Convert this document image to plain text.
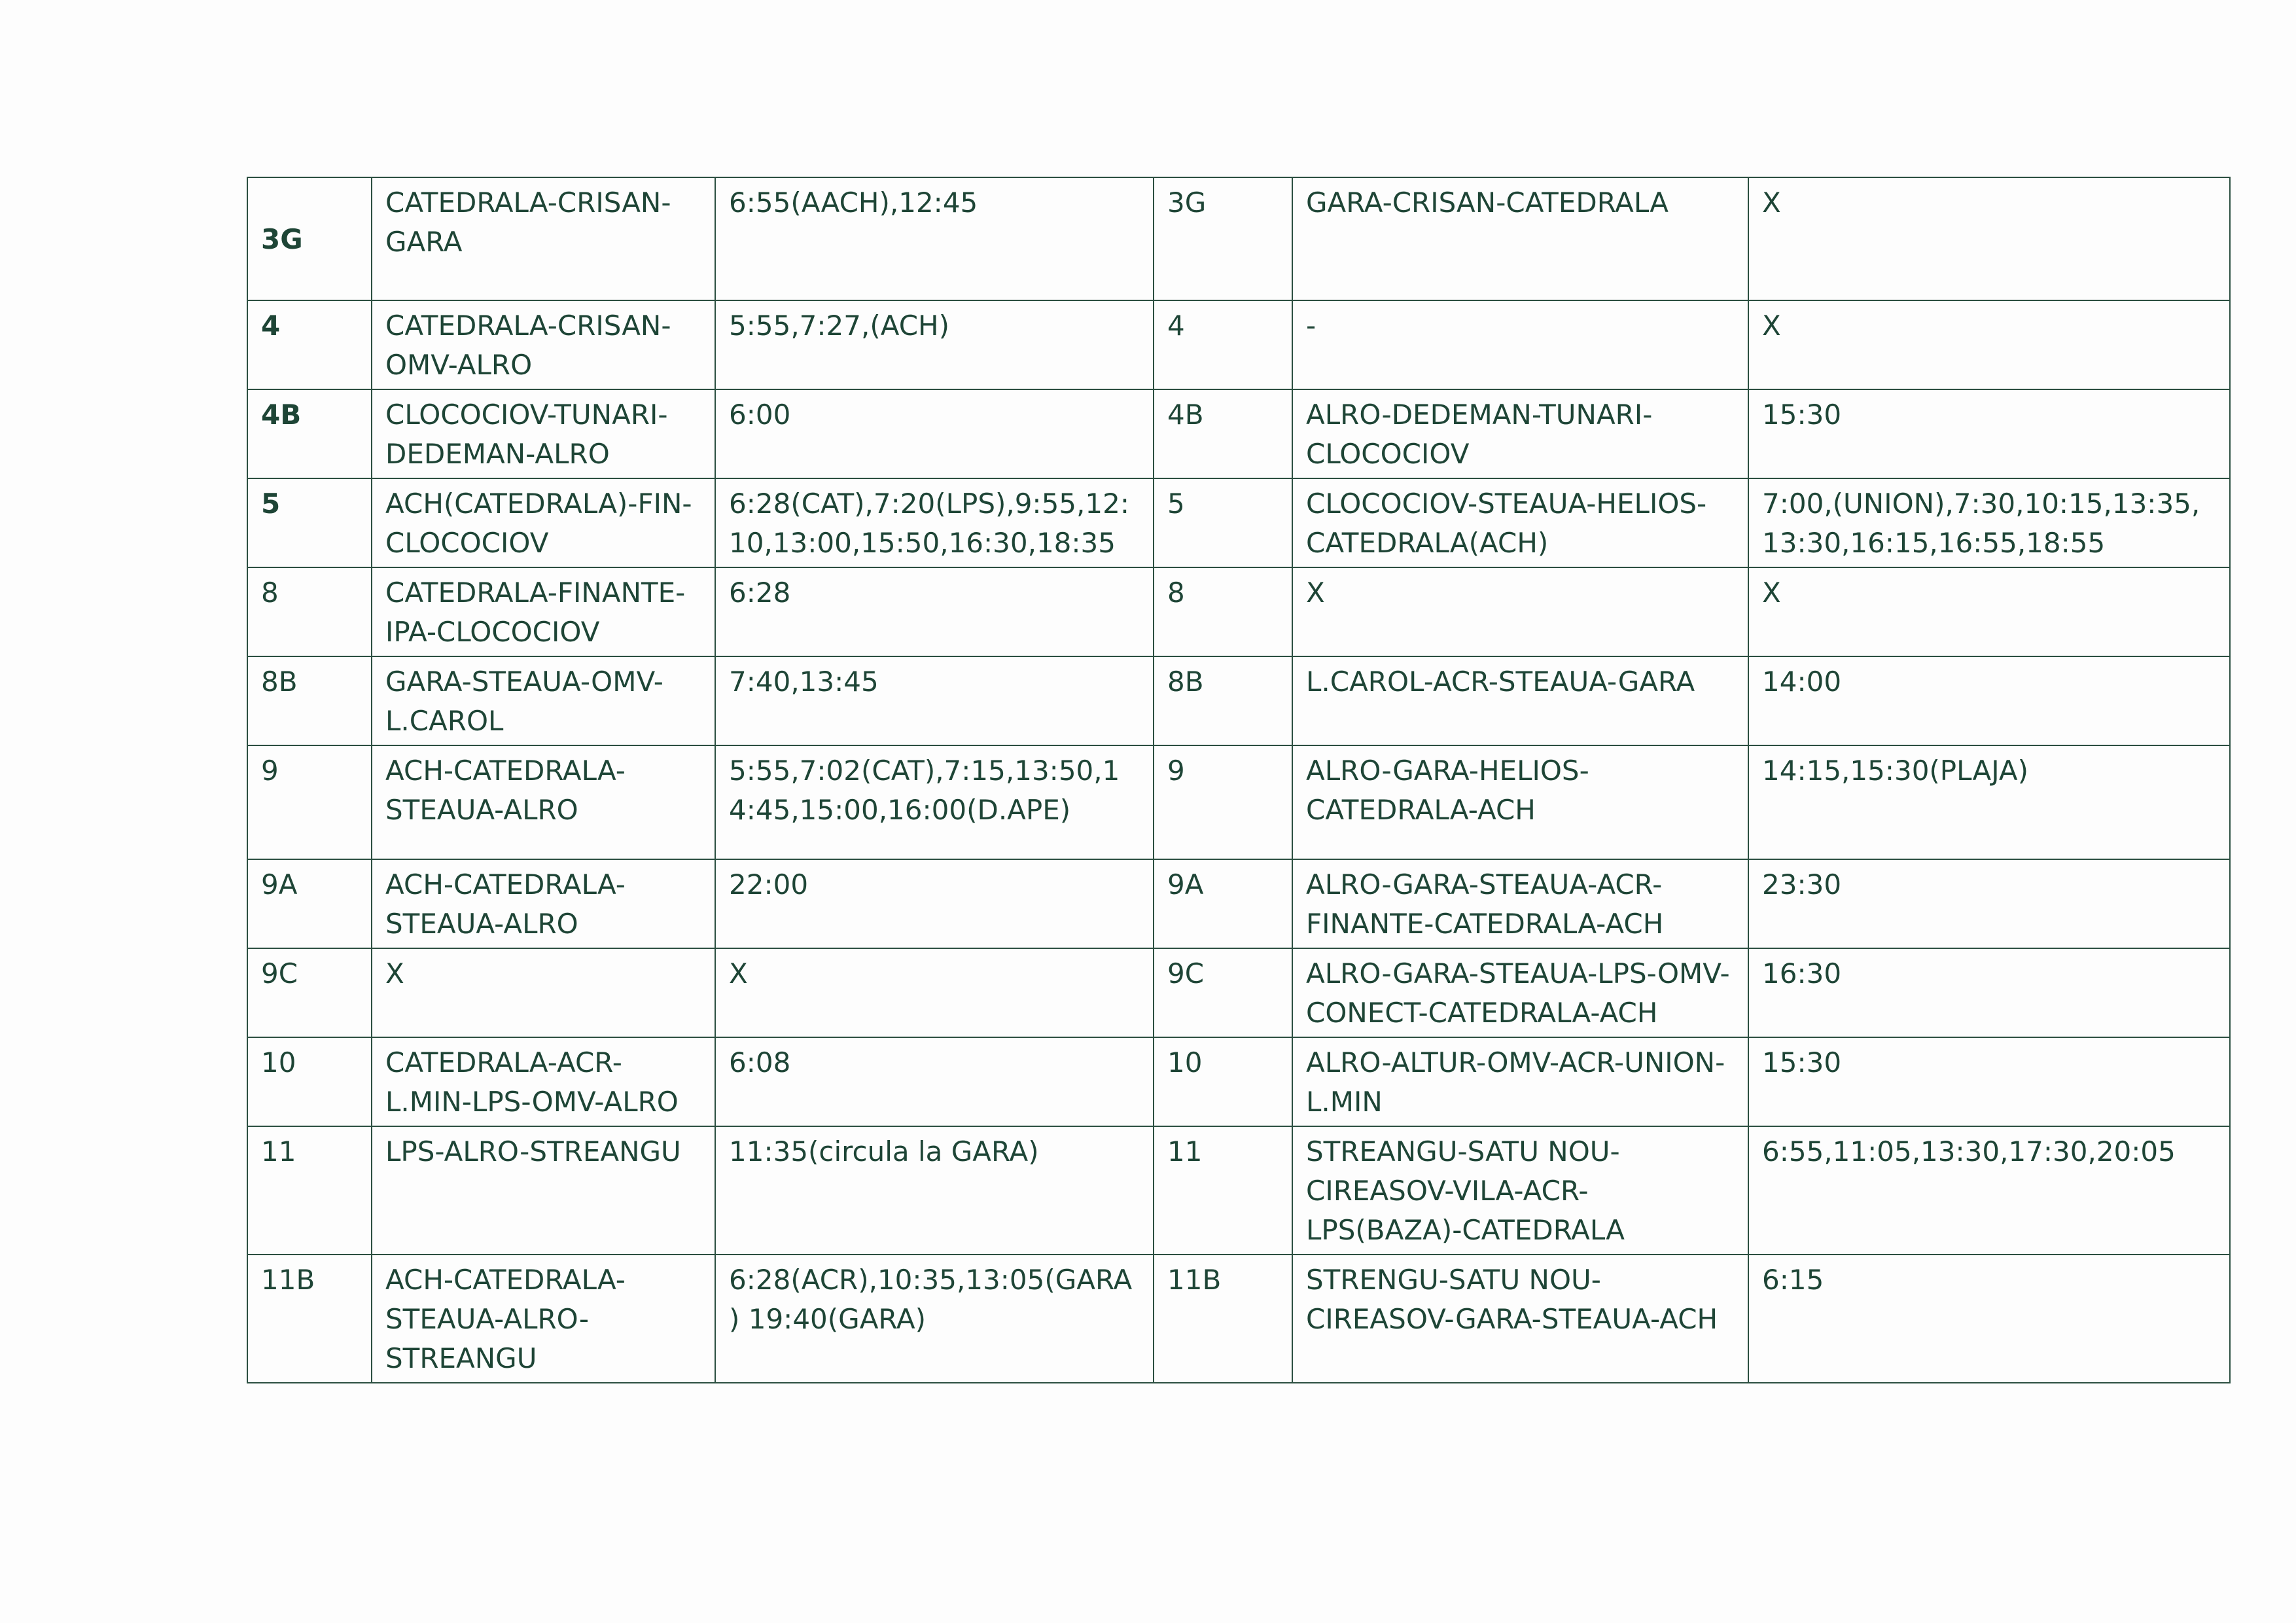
3G	CATEDRALA-CRISAN-GARA	6:55(AACH),12:45	3G	GARA-CRISAN-CATEDRALA	X
4	CATEDRALA-CRISAN-OMV-ALRO	5:55,7:27,(ACH)	4	-	X
4B	CLOCOCIOV-TUNARI-DEDEMAN-ALRO	6:00	4B	ALRO-DEDEMAN-TUNARI-CLOCOCIOV	15:30
5	ACH(CATEDRALA)-FIN-CLOCOCIOV	6:28(CAT),7:20(LPS),9:55,12:10,13:00,15:50,16:30,18:35	5	CLOCOCIOV-STEAUA-HELIOS-CATEDRALA(ACH)	7:00,(UNION),7:30,10:15,13:35,13:30,16:15,16:55,18:55
8	CATEDRALA-FINANTE-IPA-CLOCOCIOV	6:28	8	X	X
8B	GARA-STEAUA-OMV-L.CAROL	7:40,13:45	8B	L.CAROL-ACR-STEAUA-GARA	14:00
9	ACH-CATEDRALA-STEAUA-ALRO	5:55,7:02(CAT),7:15,13:50,14:45,15:00,16:00(D.APE)	9	ALRO-GARA-HELIOS-CATEDRALA-ACH	14:15,15:30(PLAJA)
9A	ACH-CATEDRALA-STEAUA-ALRO	22:00	9A	ALRO-GARA-STEAUA-ACR-FINANTE-CATEDRALA-ACH	23:30
9C	X	X	9C	ALRO-GARA-STEAUA-LPS-OMV-CONECT-CATEDRALA-ACH	16:30
10	CATEDRALA-ACR-L.MIN-LPS-OMV-ALRO	6:08	10	ALRO-ALTUR-OMV-ACR-UNION-L.MIN	15:30
11	LPS-ALRO-STREANGU	11:35(circula la GARA)	11	STREANGU-SATU NOU-CIREASOV-VILA-ACR-LPS(BAZA)-CATEDRALA	6:55,11:05,13:30,17:30,20:05
11B	ACH-CATEDRALA-STEAUA-ALRO-STREANGU	6:28(ACR),10:35,13:05(GARA) 19:40(GARA)	11B	STRENGU-SATU NOU-CIREASOV-GARA-STEAUA-ACH	6:15
